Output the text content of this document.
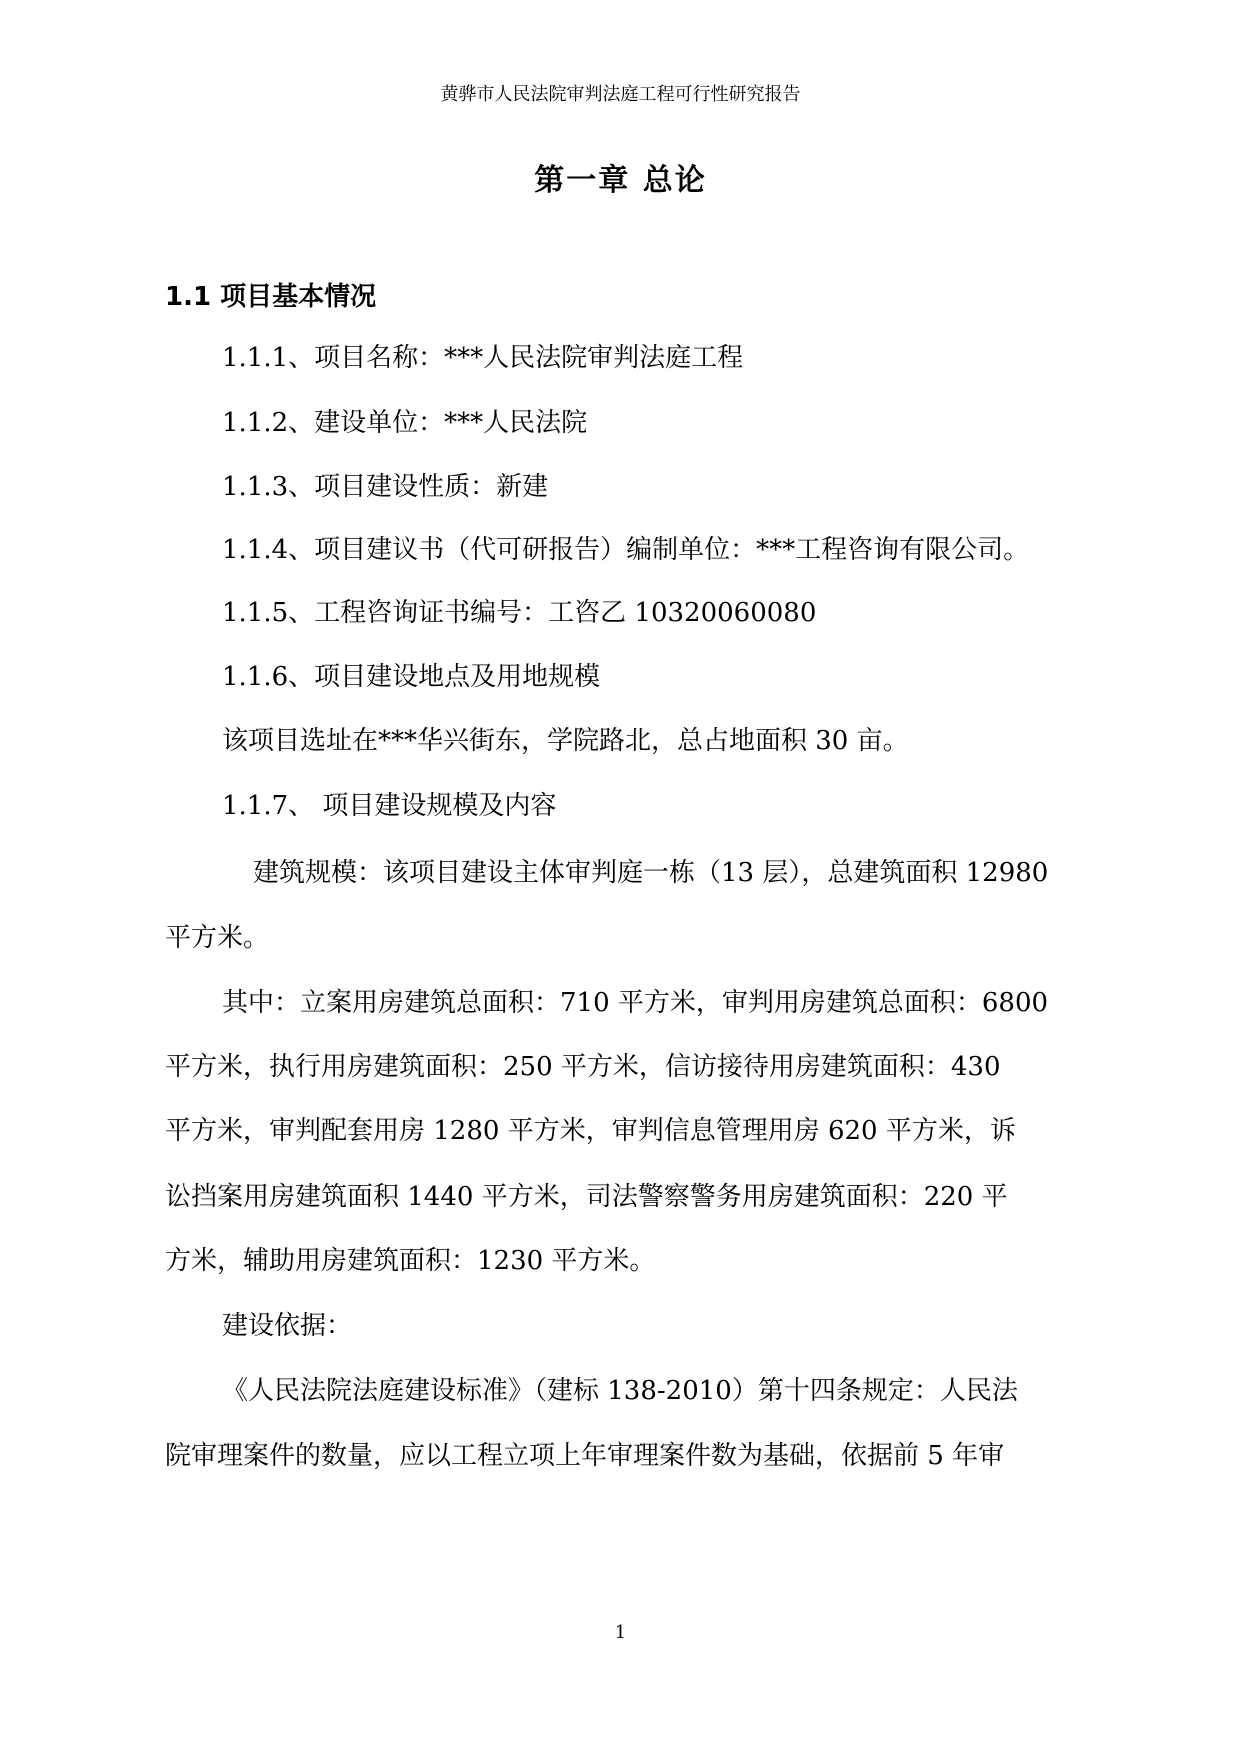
黄骅市人民法院审判法庭工程可行性研究报告
第一章 总论
1.1 项目基本情况
1.1.1、项目名称：***人民法院审判法庭工程
1.1.2、建设单位：***人民法院
1.1.3、项目建设性质：新建
1.1.4、项目建议书（代可研报告）编制单位：***工程咨询有限公司。
1.1.5、工程咨询证书编号：工咨乙 10320060080
1.1.6、项目建设地点及用地规模
该项目选址在***华兴街东，学院路北，总占地面积 30 亩。
1.1.7、 项目建设规模及内容
建筑规模：该项目建设主体审判庭一栋（13 层），总建筑面积 12980
平方米。
其中：立案用房建筑总面积：710 平方米，审判用房建筑总面积：6800
平方米，执行用房建筑面积：250 平方米，信访接待用房建筑面积：430
平方米，审判配套用房 1280 平方米，审判信息管理用房 620 平方米，诉
讼挡案用房建筑面积 1440 平方米，司法警察警务用房建筑面积：220 平
方米，辅助用房建筑面积：1230 平方米。
建设依据：
《人民法院法庭建设标准》（建标 138-2010）第十四条规定：人民法
院审理案件的数量，应以工程立项上年审理案件数为基础，依据前 5 年审
1
